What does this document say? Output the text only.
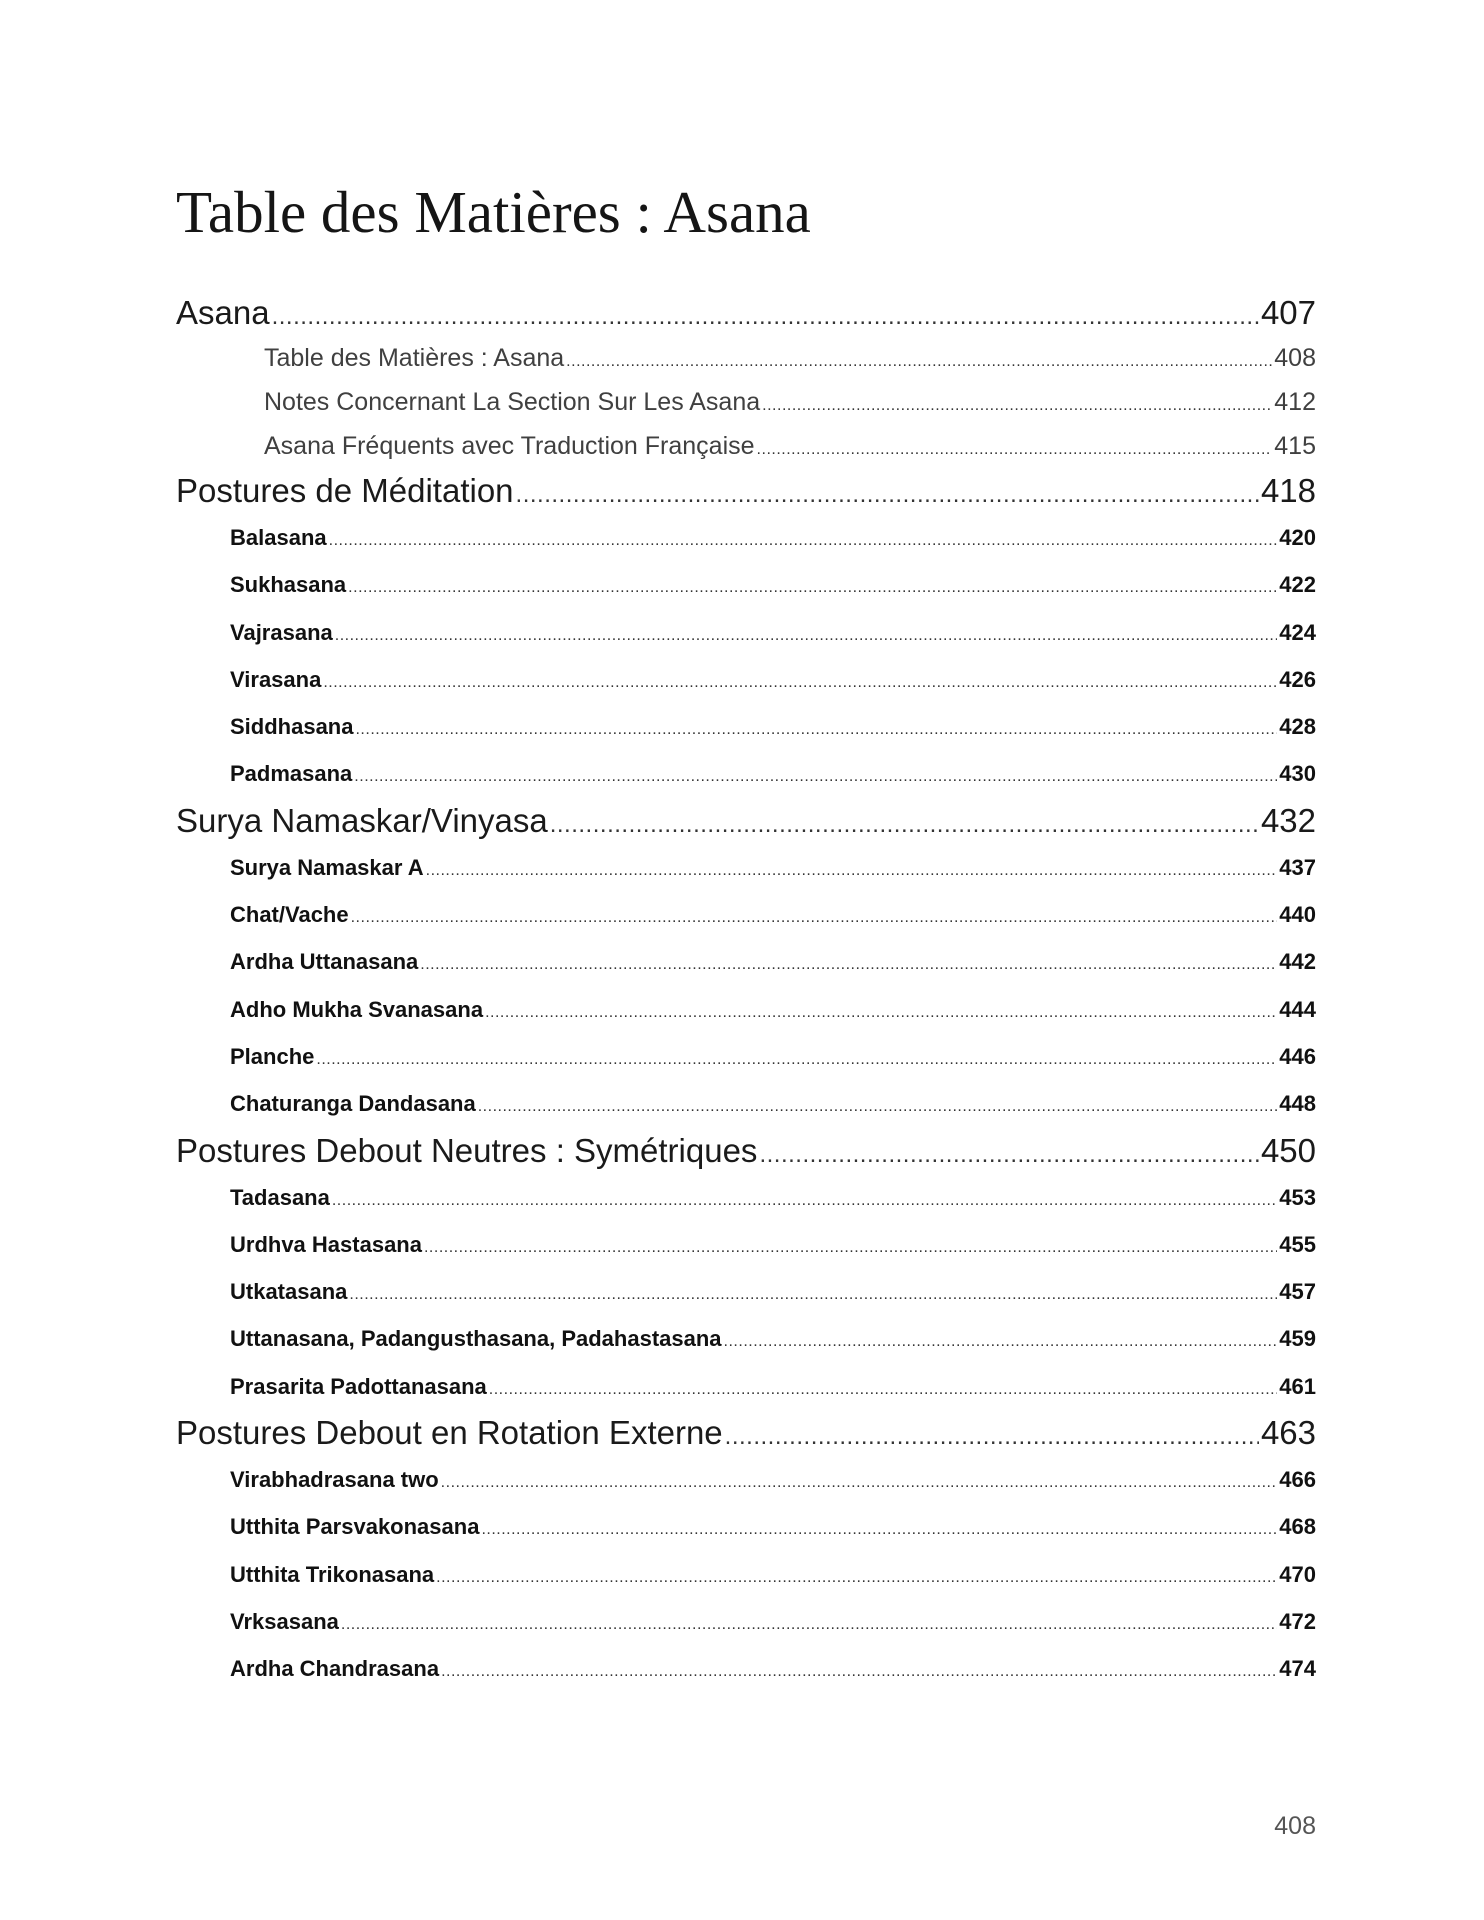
Table des Matières : Asana
Asana .....	407
Table des Matières : Asana .....	408
Notes Concernant La Section Sur Les Asana .....	412
Asana Fréquents avec Traduction Française .....	415
Postures de Méditation .....	418
Balasana .....	420
Sukhasana .....	422
Vajrasana .....	424
Virasana .....	426
Siddhasana .....	428
Padmasana .....	430
Surya Namaskar/Vinyasa .....	432
Surya Namaskar A .....	437
Chat/Vache .....	440
Ardha Uttanasana .....	442
Adho Mukha Svanasana .....	444
Planche .....	446
Chaturanga Dandasana .....	448
Postures Debout Neutres : Symétriques .....	450
Tadasana .....	453
Urdhva Hastasana .....	455
Utkatasana .....	457
Uttanasana, Padangusthasana, Padahastasana .....	459
Prasarita Padottanasana .....	461
Postures Debout en Rotation Externe .....	463
Virabhadrasana two .....	466
Utthita Parsvakonasana .....	468
Utthita Trikonasana .....	470
Vrksasana .....	472
Ardha Chandrasana .....	474
408
